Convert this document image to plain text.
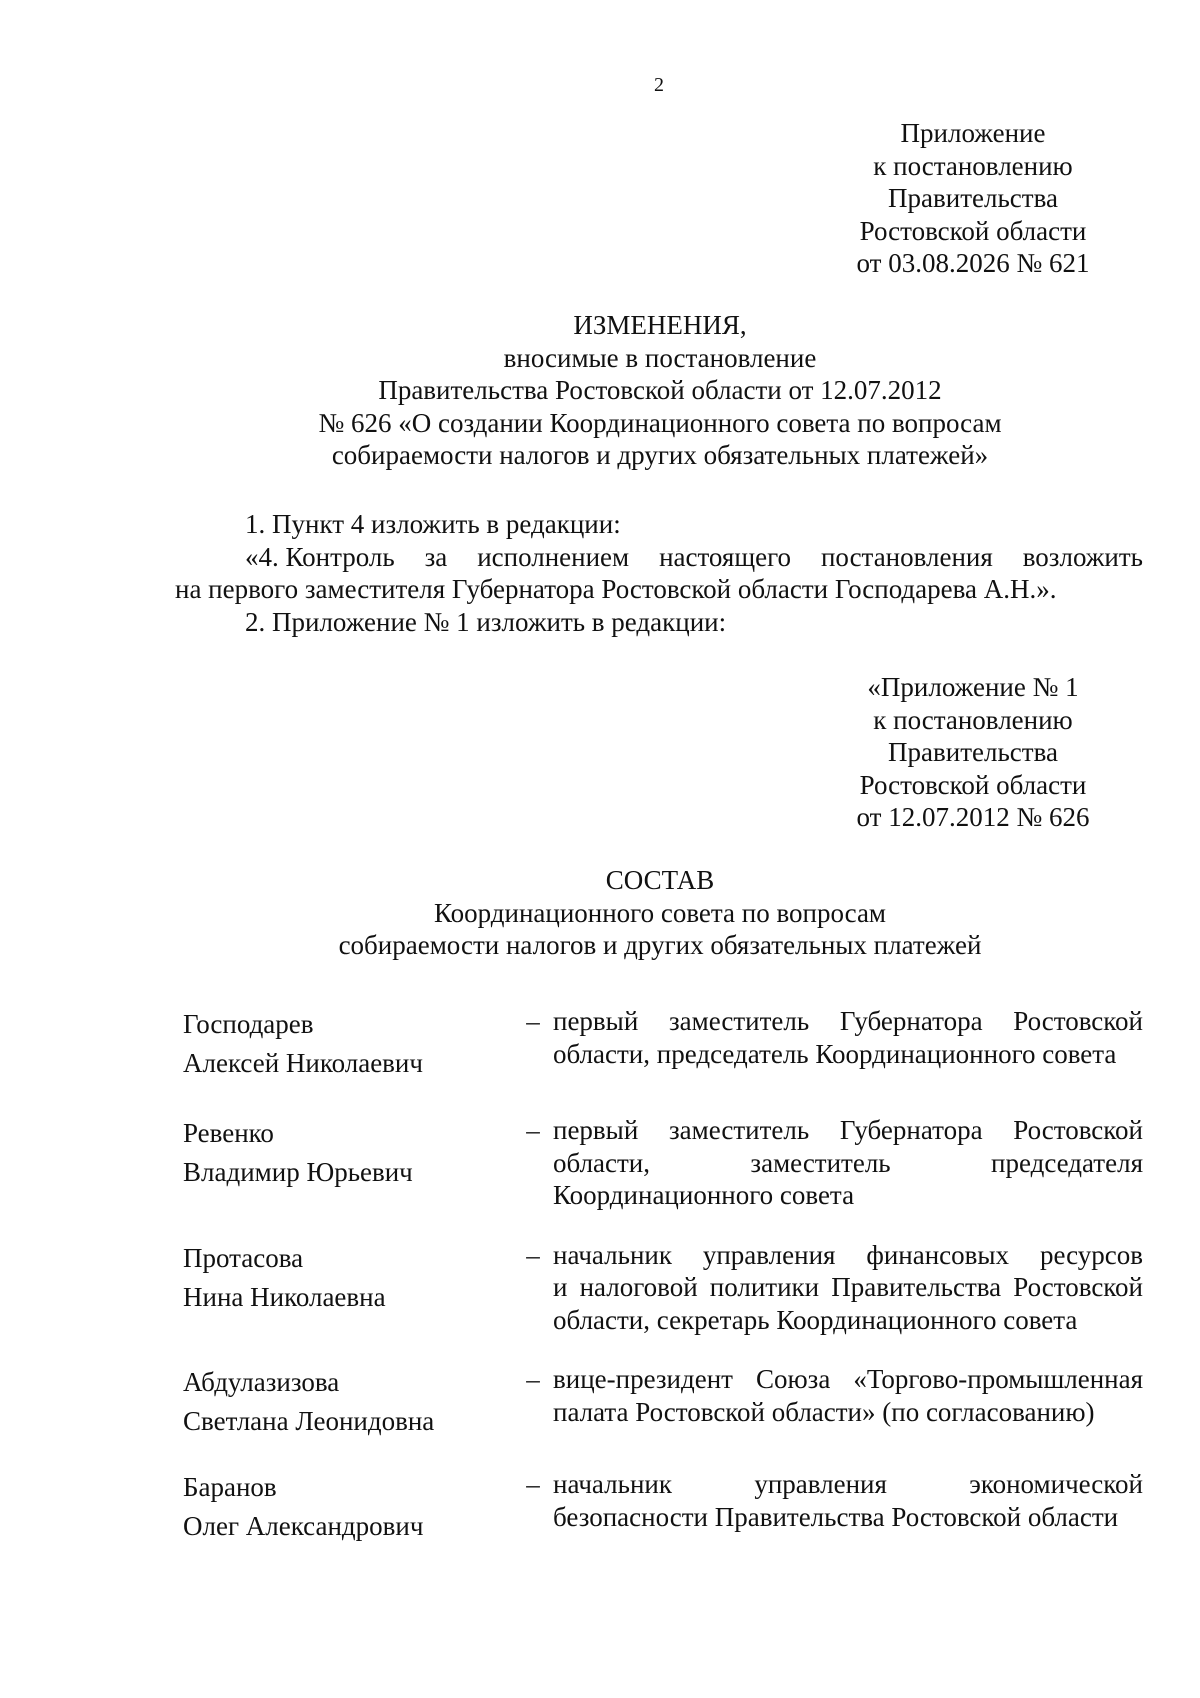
2
Приложение
к постановлению
Правительства
Ростовской области
от 03.08.2026 № 621
ИЗМЕНЕНИЯ,
вносимые в постановление
Правительства Ростовской области от 12.07.2012
№ 626 «О создании Координационного совета по вопросам
собираемости налогов и других обязательных платежей»
1. Пункт 4 изложить в редакции:
«4. Контроль за исполнением настоящего постановления возложить
на первого заместителя Губернатора Ростовской области Господарева А.Н.».
2. Приложение № 1 изложить в редакции:
«Приложение № 1
к постановлению
Правительства
Ростовской области
от 12.07.2012 № 626
СОСТАВ
Координационного совета по вопросам
собираемости налогов и других обязательных платежей
Господарев
Алексей Николаевич
– первый заместитель Губернатора Ростовской
области, председатель Координационного совета
Ревенко
Владимир Юрьевич
– первый заместитель Губернатора Ростовской
области,	заместитель	председателя
Координационного совета
Протасова
Нина Николаевна
– начальник управления финансовых ресурсов
и налоговой политики Правительства Ростовской
области, секретарь Координационного совета
Абдулазизова
Светлана Леонидовна
– вице-президент Союза «Торгово-промышленная
палата Ростовской области» (по согласованию)
Баранов
Олег Александрович
– начальник	управления	экономической
безопасности Правительства Ростовской области
